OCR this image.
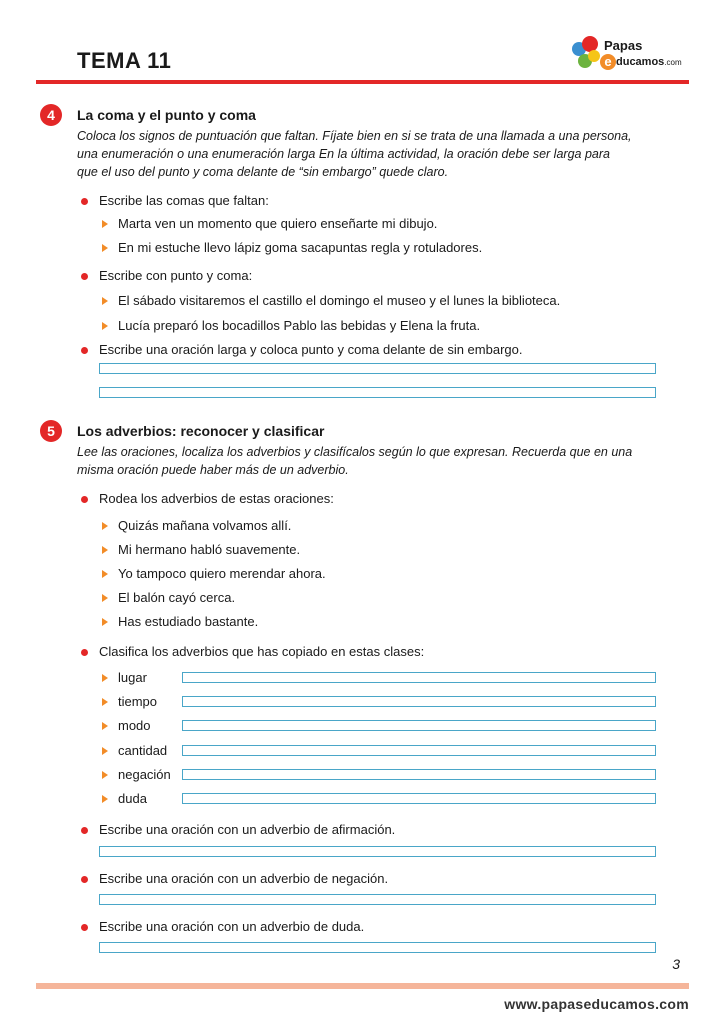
TEMA 11
Papas
e ducamos.com
4	La coma y el punto y coma
Coloca los signos de puntuación que faltan. Fíjate bien en si se trata de una llamada a una persona,
una enumeración o una enumeración larga En la última actividad, la oración debe ser larga para
que el uso del punto y coma delante de “sin embargo” quede claro.
Escribe las comas que faltan:
Marta ven un momento que quiero enseñarte mi dibujo.
En mi estuche llevo lápiz goma sacapuntas regla y rotuladores.
Escribe con punto y coma:
El sábado visitaremos el castillo el domingo el museo y el lunes la biblioteca.
Lucía preparó los bocadillos Pablo las bebidas y Elena la fruta.
Escribe una oración larga y coloca punto y coma delante de sin embargo.
5	Los adverbios: reconocer y clasificar
Lee las oraciones, localiza los adverbios y clasifícalos según lo que expresan. Recuerda que en una
misma oración puede haber más de un adverbio.
Rodea los adverbios de estas oraciones:
Quizás mañana volvamos allí.
Mi hermano habló suavemente.
Yo tampoco quiero merendar ahora.
El balón cayó cerca.
Has estudiado bastante.
Clasifica los adverbios que has copiado en estas clases:
lugar
tiempo
modo
cantidad
negación
duda
Escribe una oración con un adverbio de afirmación.
Escribe una oración con un adverbio de negación.
Escribe una oración con un adverbio de duda.
3
www.papaseducamos.com
